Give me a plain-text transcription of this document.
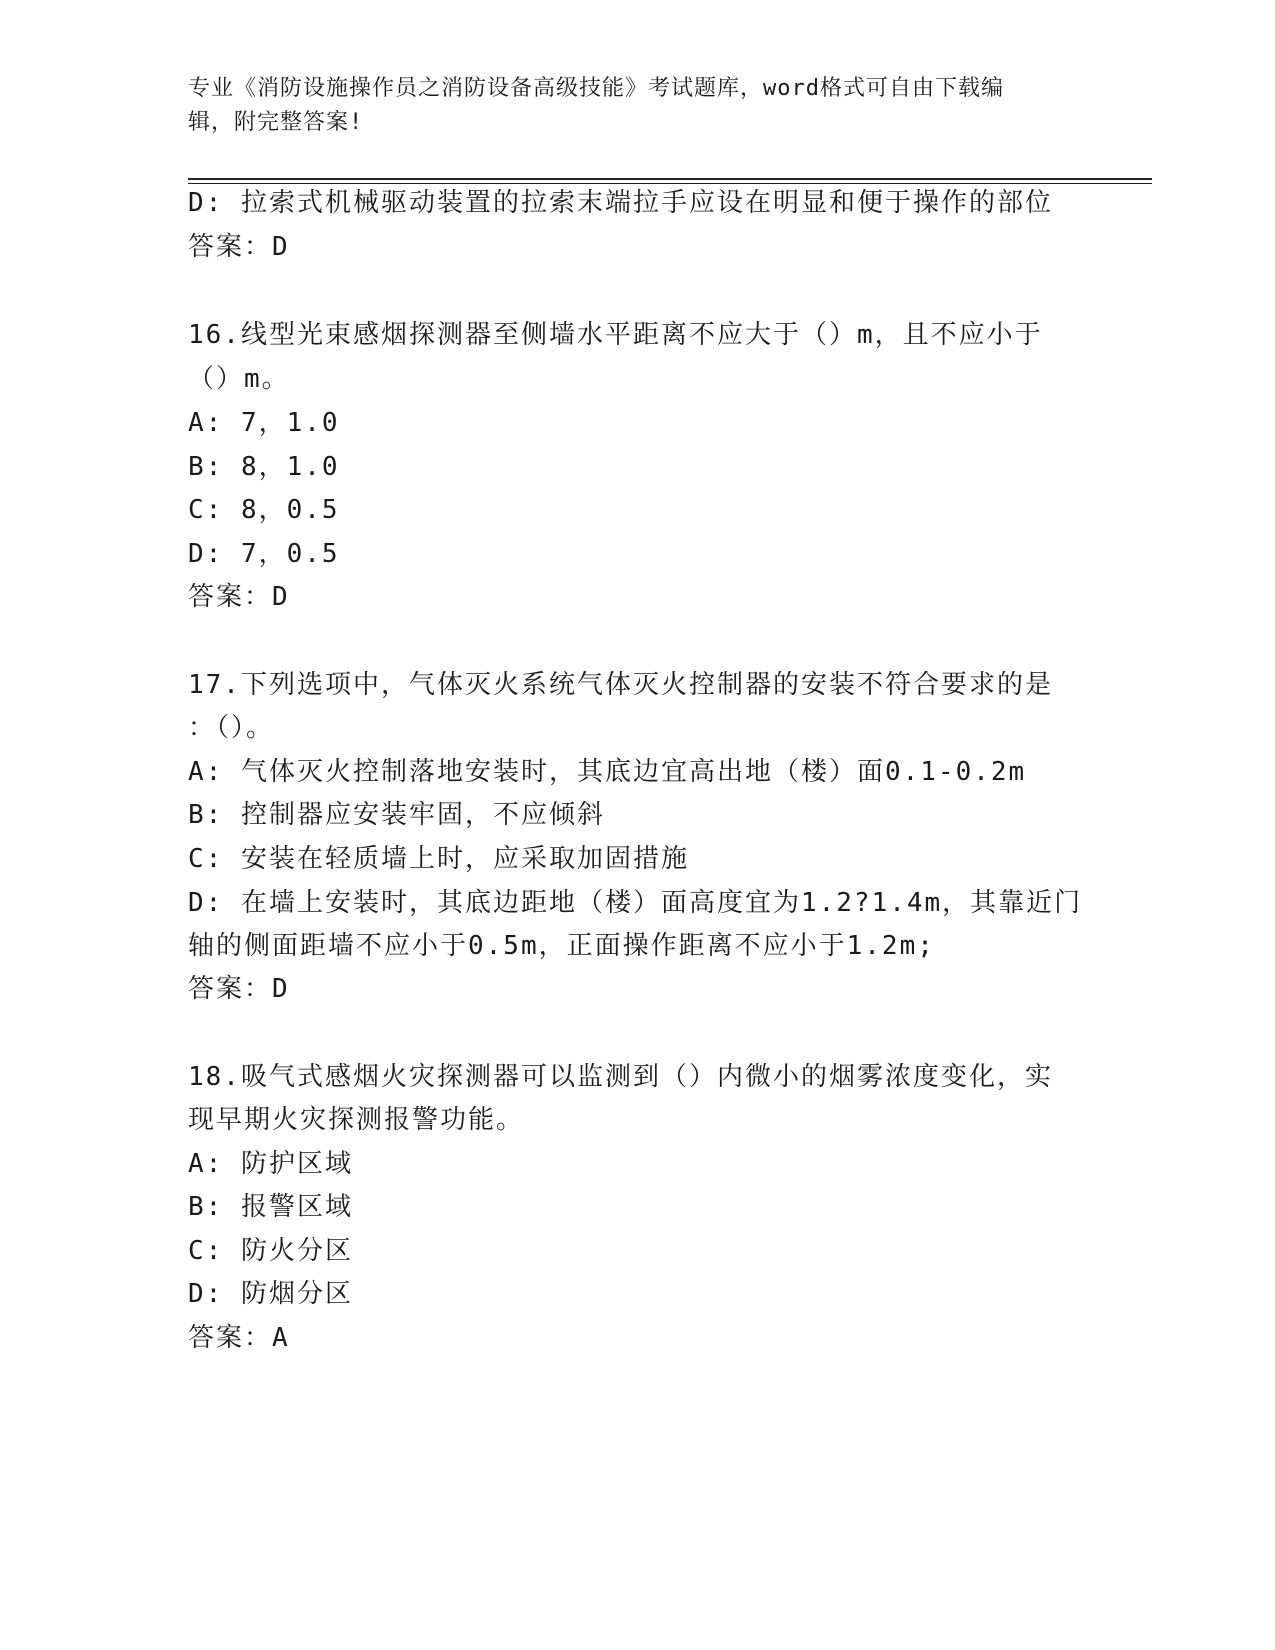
专业《消防设施操作员之消防设备高级技能》考试题库，word格式可自由下载编
辑，附完整答案!
D: 拉索式机械驱动装置的拉索末端拉手应设在明显和便于操作的部位
答案：D
16.线型光束感烟探测器至侧墙水平距离不应大于（）m，且不应小于
（）m。
A: 7，1.0
B: 8，1.0
C: 8，0.5
D: 7，0.5
答案：D
17.下列选项中，气体灭火系统气体灭火控制器的安装不符合要求的是
：（）。
A: 气体灭火控制落地安装时，其底边宜高出地（楼）面0.1-0.2m
B: 控制器应安装牢固，不应倾斜
C: 安装在轻质墙上时，应采取加固措施
D: 在墙上安装时，其底边距地（楼）面高度宜为1.2?1.4m，其靠近门
轴的侧面距墙不应小于0.5m，正面操作距离不应小于1.2m;
答案：D
18.吸气式感烟火灾探测器可以监测到（）内微小的烟雾浓度变化，实
现早期火灾探测报警功能。
A: 防护区域
B: 报警区域
C: 防火分区
D: 防烟分区
答案：A
